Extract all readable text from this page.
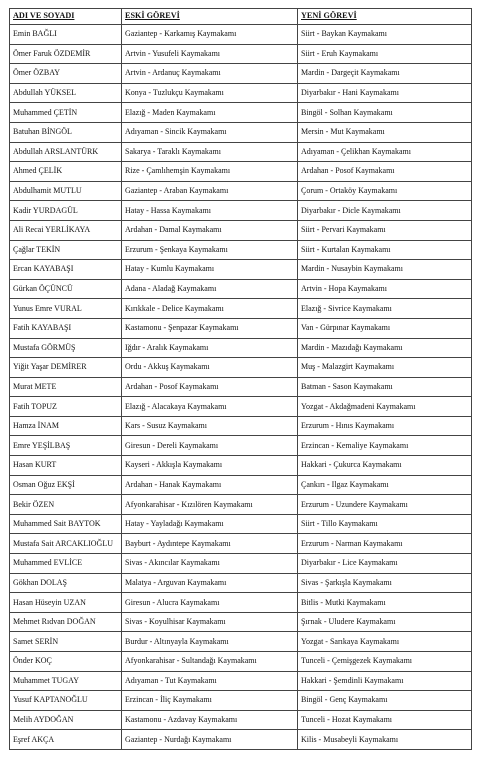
ADI VE SOYADI	ESKİ GÖREVİ	YENİ GÖREVİ
Emin BAĞLI	Gaziantep - Karkamış Kaymakamı	Siirt - Baykan Kaymakamı
Ömer Faruk ÖZDEMİR	Artvin - Yusufeli Kaymakamı	Siirt - Eruh Kaymakamı
Ömer ÖZBAY	Artvin - Ardanuç Kaymakamı	Mardin - Dargeçit Kaymakamı
Abdullah YÜKSEL	Konya - Tuzlukçu Kaymakamı	Diyarbakır - Hani Kaymakamı
Muhammed ÇETİN	Elazığ - Maden Kaymakamı	Bingöl - Solhan Kaymakamı
Batuhan BİNGÖL	Adıyaman - Sincik Kaymakamı	Mersin - Mut Kaymakamı
Abdullah ARSLANTÜRK	Sakarya - Taraklı Kaymakamı	Adıyaman - Çelikhan Kaymakamı
Ahmed ÇELİK	Rize - Çamlıhemşin Kaymakamı	Ardahan - Posof Kaymakamı
Abdulhamit MUTLU	Gaziantep - Araban Kaymakamı	Çorum - Ortaköy Kaymakamı
Kadir YURDAGÜL	Hatay - Hassa Kaymakamı	Diyarbakır - Dicle Kaymakamı
Ali Recai YERLİKAYA	Ardahan - Damal Kaymakamı	Siirt - Pervari Kaymakamı
Çağlar TEKİN	Erzurum - Şenkaya Kaymakamı	Siirt - Kurtalan Kaymakamı
Ercan KAYABAŞI	Hatay - Kumlu Kaymakamı	Mardin - Nusaybin Kaymakamı
Gürkan ÖÇÜNCÜ	Adana - Aladağ Kaymakamı	Artvin - Hopa Kaymakamı
Yunus Emre VURAL	Kırıkkale - Delice Kaymakamı	Elazığ - Sivrice Kaymakamı
Fatih KAYABAŞI	Kastamonu - Şenpazar Kaymakamı	Van - Gürpınar Kaymakamı
Mustafa GÖRMÜŞ	Iğdır - Aralık Kaymakamı	Mardin - Mazıdağı Kaymakamı
Yiğit Yaşar DEMİRER	Ordu - Akkuş Kaymakamı	Muş - Malazgirt Kaymakamı
Murat METE	Ardahan - Posof Kaymakamı	Batman - Sason Kaymakamı
Fatih TOPUZ	Elazığ - Alacakaya Kaymakamı	Yozgat - Akdağmadeni Kaymakamı
Hamza İNAM	Kars - Susuz Kaymakamı	Erzurum - Hınıs Kaymakamı
Emre YEŞİLBAŞ	Giresun - Dereli Kaymakamı	Erzincan - Kemaliye Kaymakamı
Hasan KURT	Kayseri - Akkışla Kaymakamı	Hakkari - Çukurca Kaymakamı
Osman Oğuz EKŞİ	Ardahan - Hanak Kaymakamı	Çankırı - Ilgaz Kaymakamı
Bekir ÖZEN	Afyonkarahisar - Kızılören Kaymakamı	Erzurum - Uzundere Kaymakamı
Muhammed Sait BAYTOK	Hatay - Yayladağı Kaymakamı	Siirt - Tillo Kaymakamı
Mustafa Sait ARCAKLIOĞLU	Bayburt - Aydıntepe Kaymakamı	Erzurum - Narman Kaymakamı
Muhammed EVLİCE	Sivas - Akıncılar Kaymakamı	Diyarbakır - Lice Kaymakamı
Gökhan DOLAŞ	Malatya - Arguvan Kaymakamı	Sivas - Şarkışla Kaymakamı
Hasan Hüseyin UZAN	Giresun - Alucra Kaymakamı	Bitlis - Mutki Kaymakamı
Mehmet Rıdvan DOĞAN	Sivas - Koyulhisar Kaymakamı	Şırnak - Uludere Kaymakamı
Samet SERİN	Burdur - Altınyayla Kaymakamı	Yozgat - Sarıkaya Kaymakamı
Önder KOÇ	Afyonkarahisar - Sultandağı Kaymakamı	Tunceli - Çemişgezek Kaymakamı
Muhammet TUGAY	Adıyaman - Tut Kaymakamı	Hakkari - Şemdinli Kaymakamı
Yusuf KAPTANOĞLU	Erzincan - İliç Kaymakamı	Bingöl - Genç Kaymakamı
Melih AYDOĞAN	Kastamonu - Azdavay Kaymakamı	Tunceli - Hozat Kaymakamı
Eşref AKÇA	Gaziantep - Nurdağı Kaymakamı	Kilis - Musabeyli Kaymakamı
